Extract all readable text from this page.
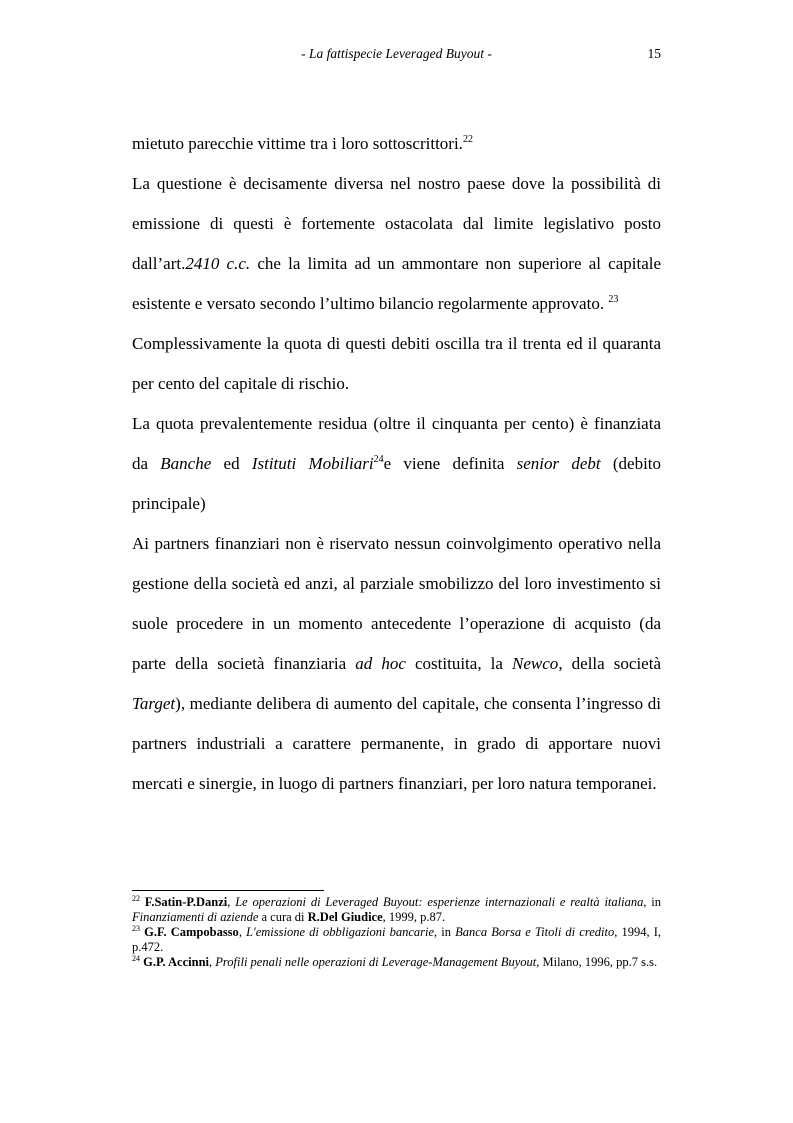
- La fattispecie Leveraged Buyout -	15

mietuto parecchie vittime tra i loro sottoscrittori.$^{22}$

La questione è decisamente diversa nel nostro paese dove la possibilità di emissione di questi è fortemente ostacolata dal limite legislativo posto dall’art.2410 c.c. che la limita ad un ammontare non superiore al capitale esistente e versato secondo l’ultimo bilancio regolarmente approvato. $^{23}$

Complessivamente la quota di questi debiti oscilla tra il trenta ed il quaranta per cento del capitale di rischio.

La quota prevalentemente residua (oltre il cinquanta per cento) è finanziata da Banche ed Istituti Mobiliari$^{24}$e viene definita senior debt (debito principale)

Ai partners finanziari non è riservato nessun coinvolgimento operativo nella gestione della società ed anzi, al parziale smobilizzo del loro investimento si suole procedere in un momento antecedente l’operazione di acquisto (da parte della società finanziaria ad hoc costituita, la Newco, della società Target), mediante delibera di aumento del capitale, che consenta l’ingresso di partners industriali a carattere permanente, in grado di apportare nuovi mercati e sinergie, in luogo di partners finanziari, per loro natura temporanei.

$^{22}$ F.Satin-P.Danzi, Le operazioni di Leveraged Buyout: esperienze internazionali e realtà italiana, in Finanziamenti di aziende a cura di R.Del Giudice, 1999, p.87.

$^{23}$ G.F. Campobasso, L'emissione di obbligazioni bancarie, in Banca Borsa e Titoli di credito, 1994, I, p.472.

$^{24}$ G.P. Accinni, Profili penali nelle operazioni di Leverage-Management Buyout, Milano, 1996, pp.7 s.s.
